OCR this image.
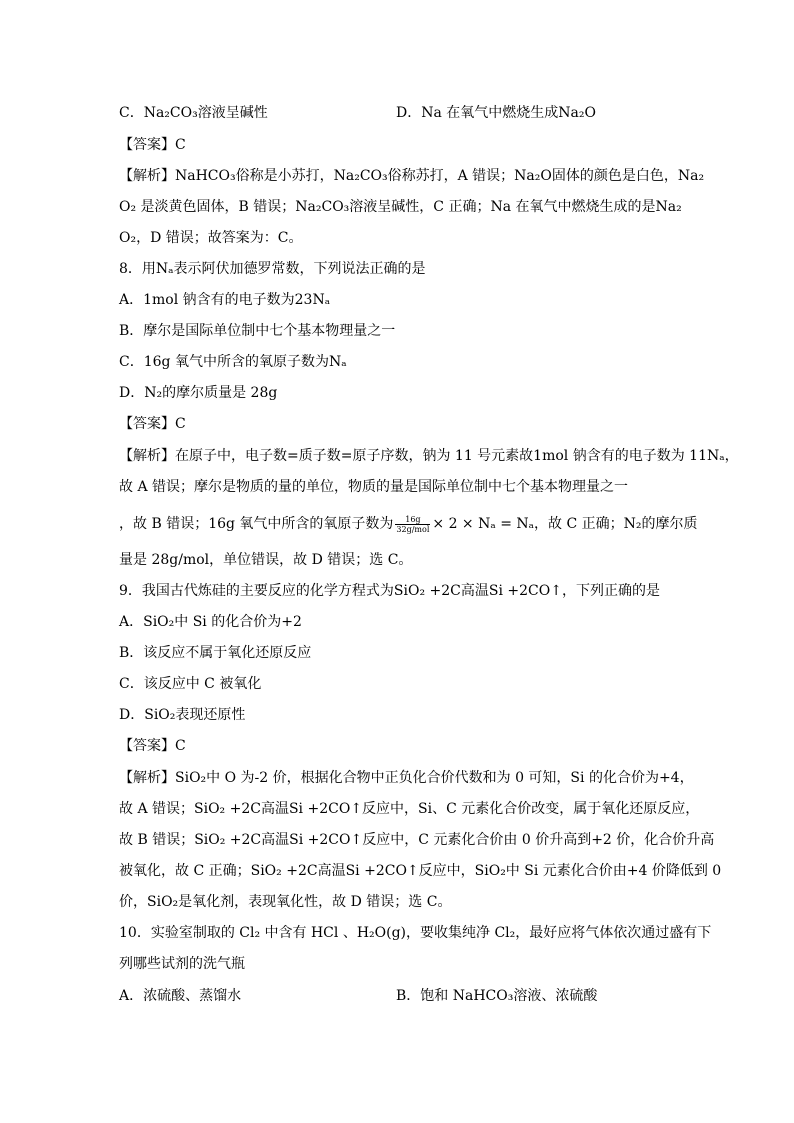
C．Na₂CO₃溶液呈碱性	D．Na 在氧气中燃烧生成Na₂O
【答案】C
【解析】NaHCO₃俗称是小苏打，Na₂CO₃俗称苏打，A 错误；Na₂O固体的颜色是白色，Na₂
O₂ 是淡黄色固体，B 错误；Na₂CO₃溶液呈碱性，C 正确；Na 在氧气中燃烧生成的是Na₂
O₂，D 错误；故答案为：C。
8．用Nₐ表示阿伏加德罗常数，下列说法正确的是
A．1mol 钠含有的电子数为23Nₐ
B．摩尔是国际单位制中七个基本物理量之一
C．16g 氧气中所含的氧原子数为Nₐ
D．N₂的摩尔质量是 28g
【答案】C
【解析】在原子中，电子数=质子数=原子序数，钠为 11 号元素故1mol 钠含有的电子数为 11Nₐ，
故 A 错误；摩尔是物质的量的单位，物质的量是国际单位制中七个基本物理量之一
，故 B 错误；16g 氧气中所含的氧原子数为 $\frac{16g}{\text{32g/mol}} \times 2 \times N_a = N_a$，故 C 正确；N₂的摩尔质
量是 28g/mol，单位错误，故 D 错误；选 C。
9．我国古代炼硅的主要反应的化学方程式为SiO₂ +2C高温Si +2CO↑，下列正确的是
A．SiO₂中 Si 的化合价为+2
B．该反应不属于氧化还原反应
C．该反应中 C 被氧化
D．SiO₂表现还原性
【答案】C
【解析】SiO₂中 O 为-2 价，根据化合物中正负化合价代数和为 0 可知，Si 的化合价为+4，
故 A 错误；SiO₂ +2C高温Si +2CO↑反应中，Si、C 元素化合价改变，属于氧化还原反应，
故 B 错误；SiO₂ +2C高温Si +2CO↑反应中，C 元素化合价由 0 价升高到+2 价，化合价升高
被氧化，故 C 正确；SiO₂ +2C高温Si +2CO↑反应中，SiO₂中 Si 元素化合价由+4 价降低到 0
价，SiO₂是氧化剂，表现氧化性，故 D 错误；选 C。
10．实验室制取的 Cl₂ 中含有 HCl 、H₂O(g)，要收集纯净 Cl₂，最好应将气体依次通过盛有下
列哪些试剂的洗气瓶
A．浓硫酸、蒸馏水	B．饱和 NaHCO₃溶液、浓硫酸
